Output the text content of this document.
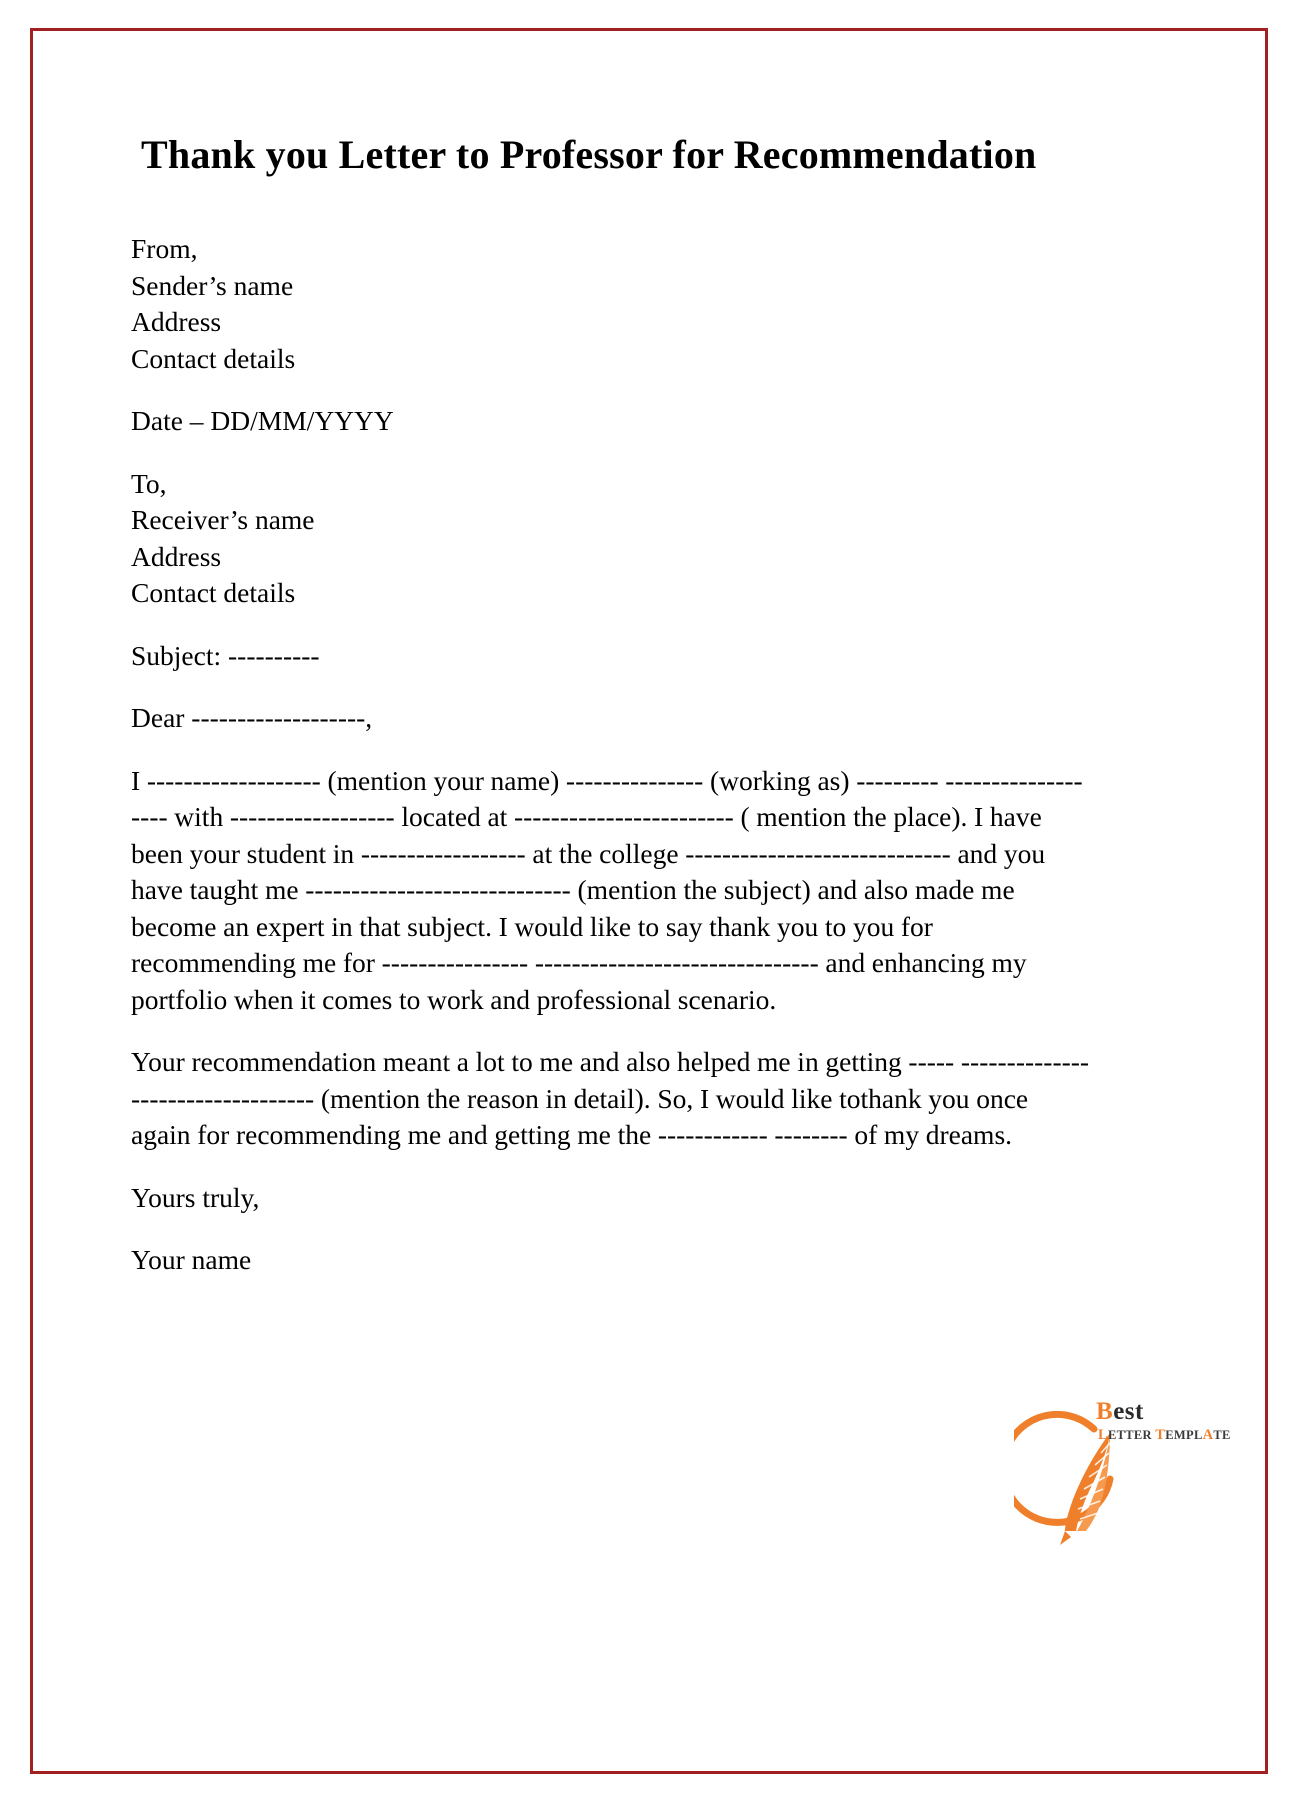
Thank you Letter to Professor for Recommendation
From,
Sender’s name
Address
Contact details
Date – DD/MM/YYYY
To,
Receiver’s name
Address
Contact details
Subject: ----------
Dear -------------------,

I ------------------- (mention your name) --------------- (working as) --------- ------------------- with ------------------ located at ------------------------ ( mention the place). I have been your student in ------------------ at the college ----------------------------- and you have taught me ----------------------------- (mention the subject) and also made me become an expert in that subject. I would like to say thank you to you for recommending me for ---------------- ------------------------------- and enhancing my portfolio when it comes to work and professional scenario.

Your recommendation meant a lot to me and also helped me in getting ----- ---------------------------------- (mention the reason in detail). So, I would like tothank you once again for recommending me and getting me the ------------ -------- of my dreams.

Yours truly,
Your name
Best
LETTER TEMPLATE
